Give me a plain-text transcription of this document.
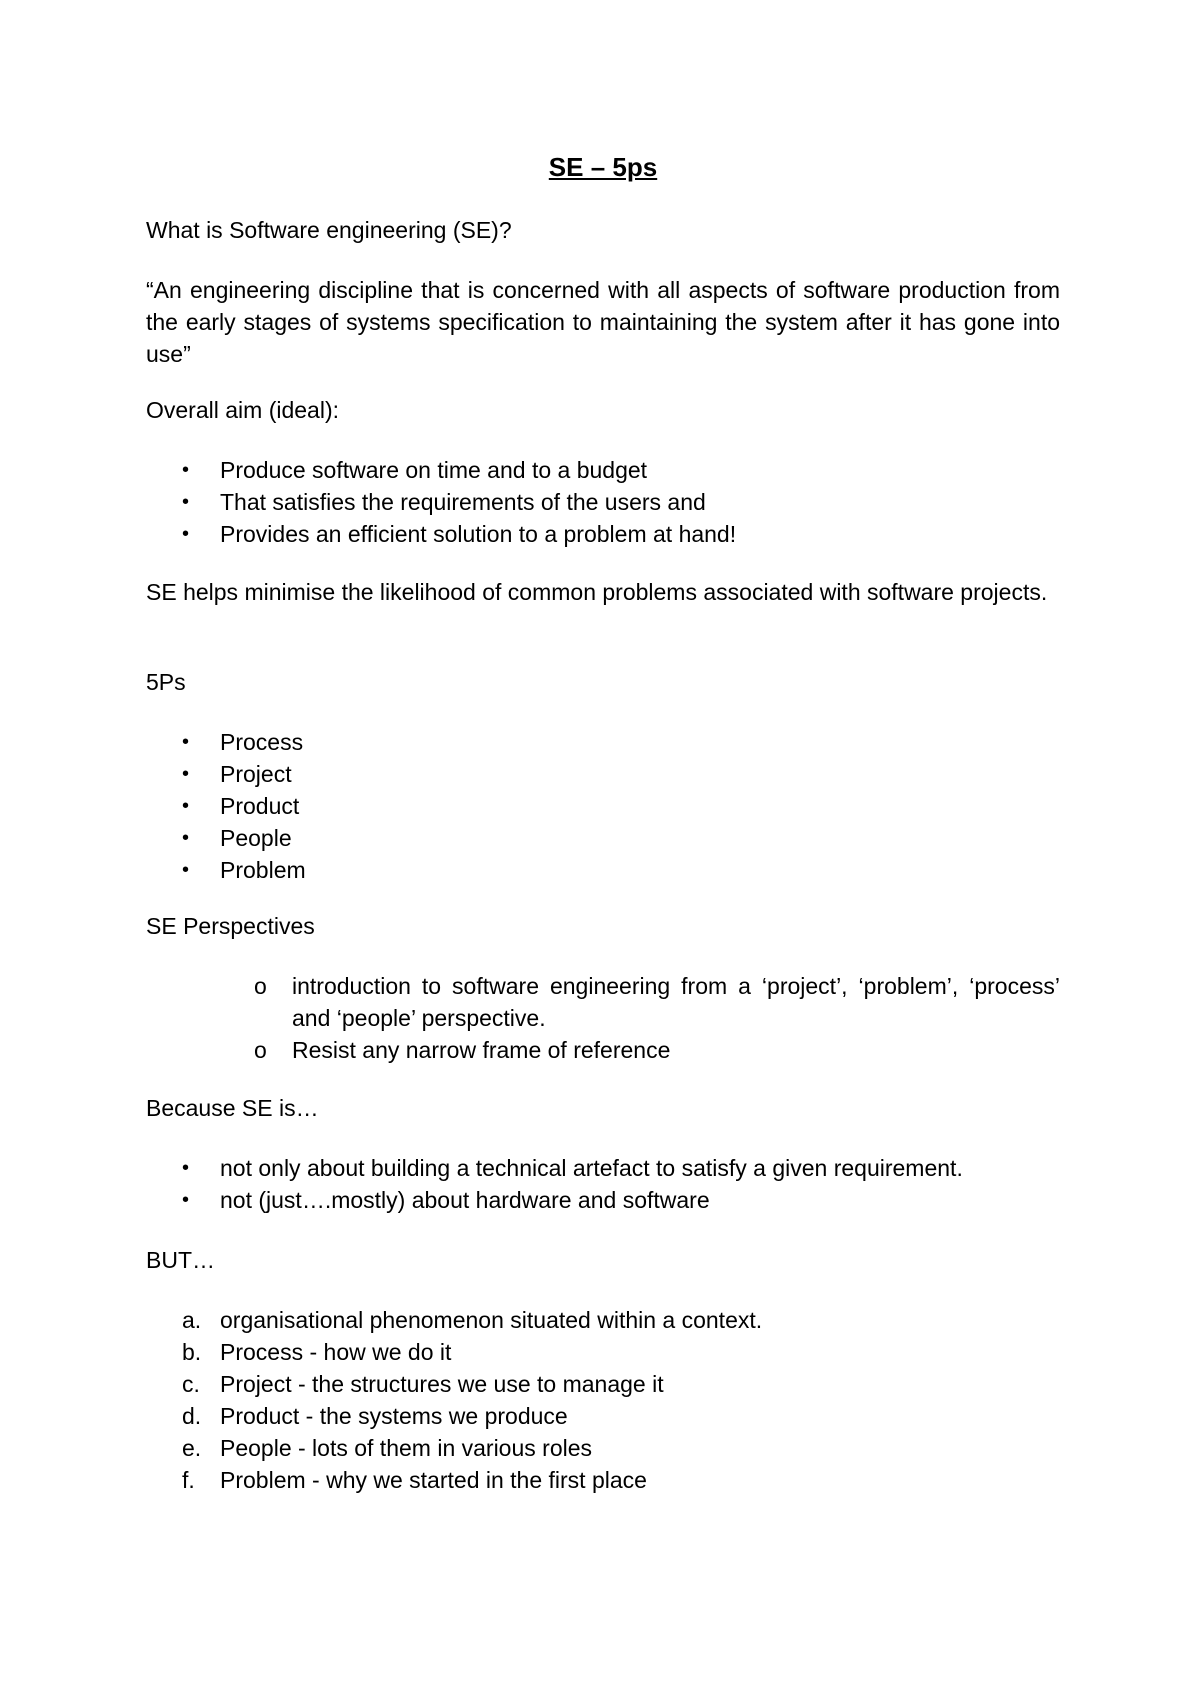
SE – 5ps

What is Software engineering (SE)?

“An engineering discipline that is concerned with all aspects of software production from the early stages of systems specification to maintaining the system after it has gone into use”

Overall aim (ideal):

• Produce software on time and to a budget
• That satisfies the requirements of the users and
• Provides an efficient solution to a problem at hand!

SE helps minimise the likelihood of common problems associated with software projects.

5Ps

• Process
• Project
• Product
• People
• Problem

SE Perspectives

o introduction to software engineering from a ‘project’, ‘problem’, ‘process’ and ‘people’ perspective.
o Resist any narrow frame of reference

Because SE is…

• not only about building a technical artefact to satisfy a given requirement.
• not (just….mostly) about hardware and software

BUT…

a. organisational phenomenon situated within a context.
b. Process - how we do it
c. Project - the structures we use to manage it
d. Product - the systems we produce
e. People - lots of them in various roles
f. Problem - why we started in the first place
